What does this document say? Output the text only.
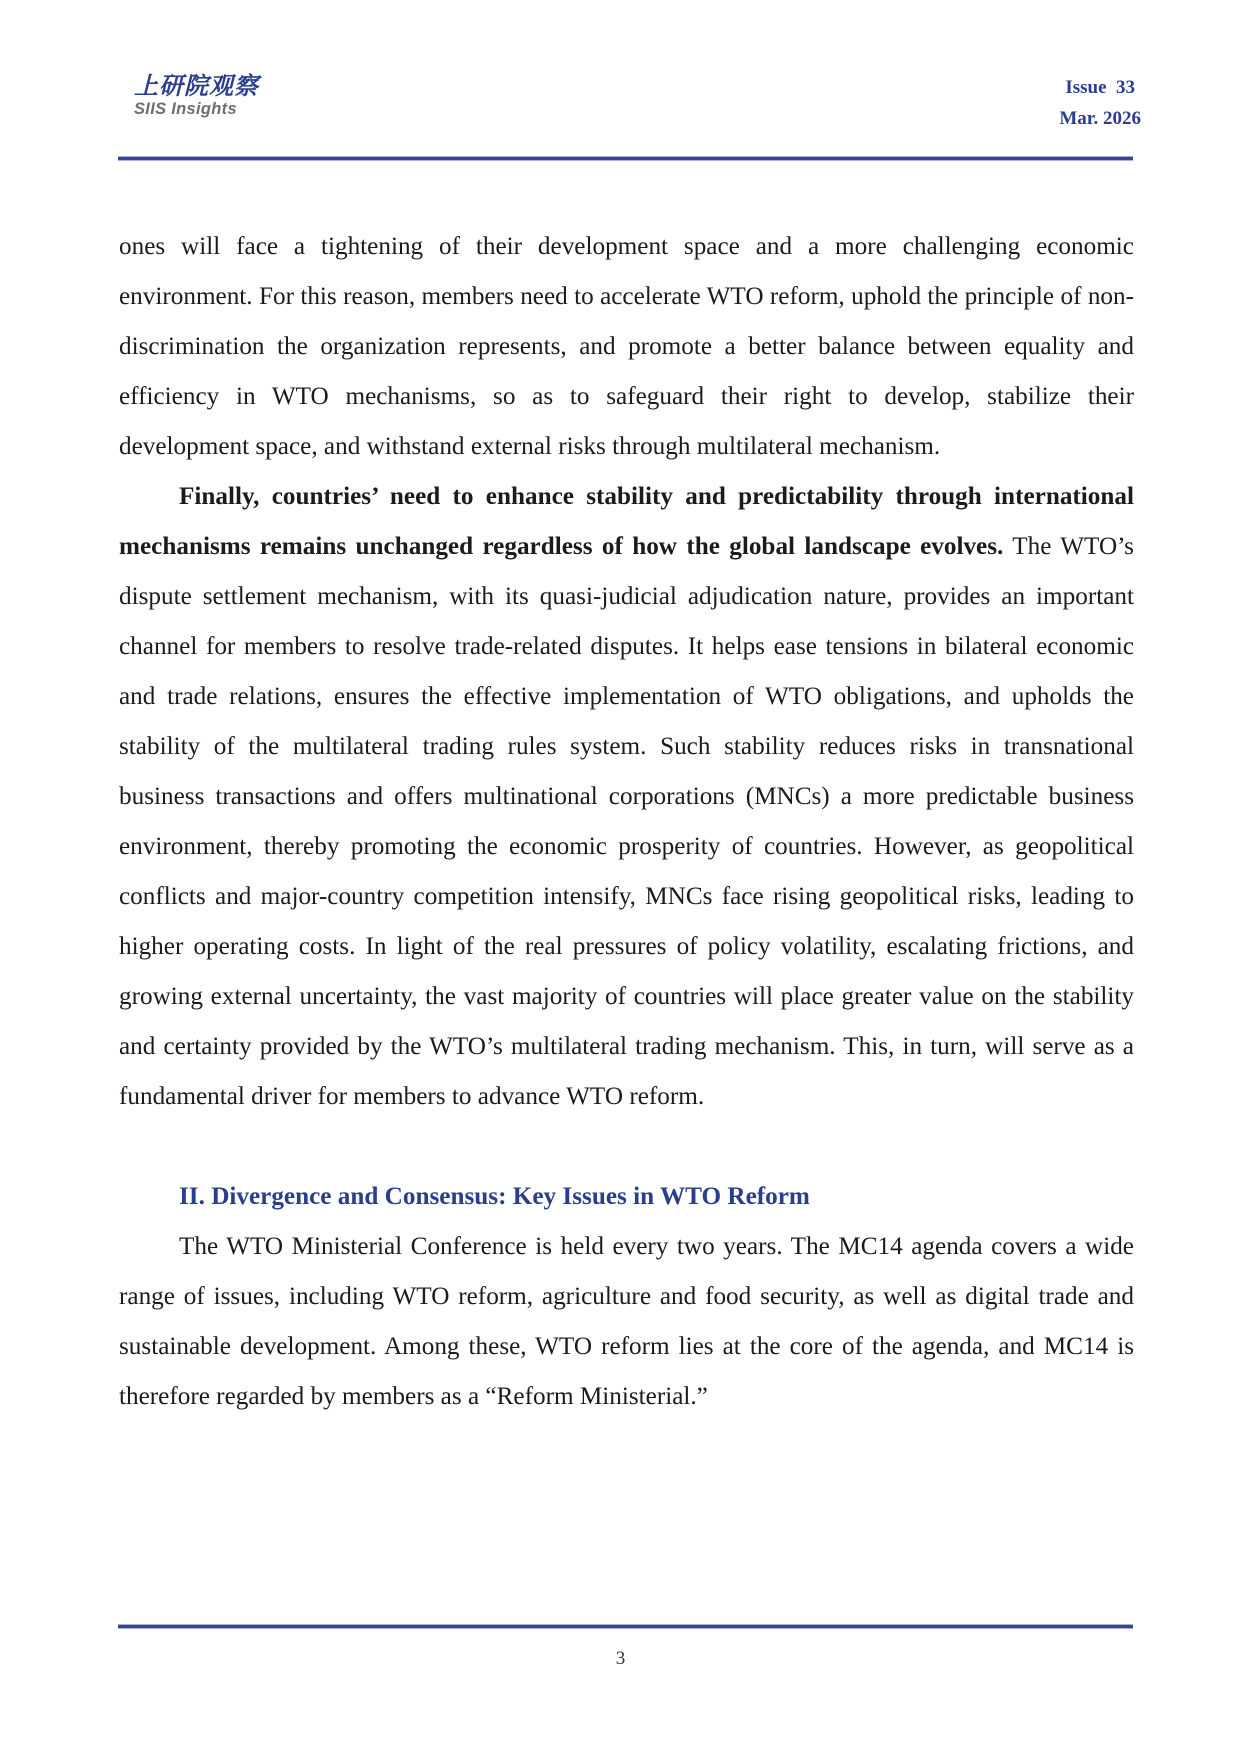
上研院观察
SIIS Insights
Issue  33
Mar. 2026

ones will face a tightening of their development space and a more challenging economic environment. For this reason, members need to accelerate WTO reform, uphold the principle of non-discrimination the organization represents, and promote a better balance between equality and efficiency in WTO mechanisms, so as to safeguard their right to develop, stabilize their development space, and withstand external risks through multilateral mechanism.

Finally, countries’ need to enhance stability and predictability through international mechanisms remains unchanged regardless of how the global landscape evolves. The WTO’s dispute settlement mechanism, with its quasi-judicial adjudication nature, provides an important channel for members to resolve trade-related disputes. It helps ease tensions in bilateral economic and trade relations, ensures the effective implementation of WTO obligations, and upholds the stability of the multilateral trading rules system. Such stability reduces risks in transnational business transactions and offers multinational corporations (MNCs) a more predictable business environment, thereby promoting the economic prosperity of countries. However, as geopolitical conflicts and major-country competition intensify, MNCs face rising geopolitical risks, leading to higher operating costs. In light of the real pressures of policy volatility, escalating frictions, and growing external uncertainty, the vast majority of countries will place greater value on the stability and certainty provided by the WTO’s multilateral trading mechanism. This, in turn, will serve as a fundamental driver for members to advance WTO reform.

II. Divergence and Consensus: Key Issues in WTO Reform

The WTO Ministerial Conference is held every two years. The MC14 agenda covers a wide range of issues, including WTO reform, agriculture and food security, as well as digital trade and sustainable development. Among these, WTO reform lies at the core of the agenda, and MC14 is therefore regarded by members as a “Reform Ministerial.”

3
